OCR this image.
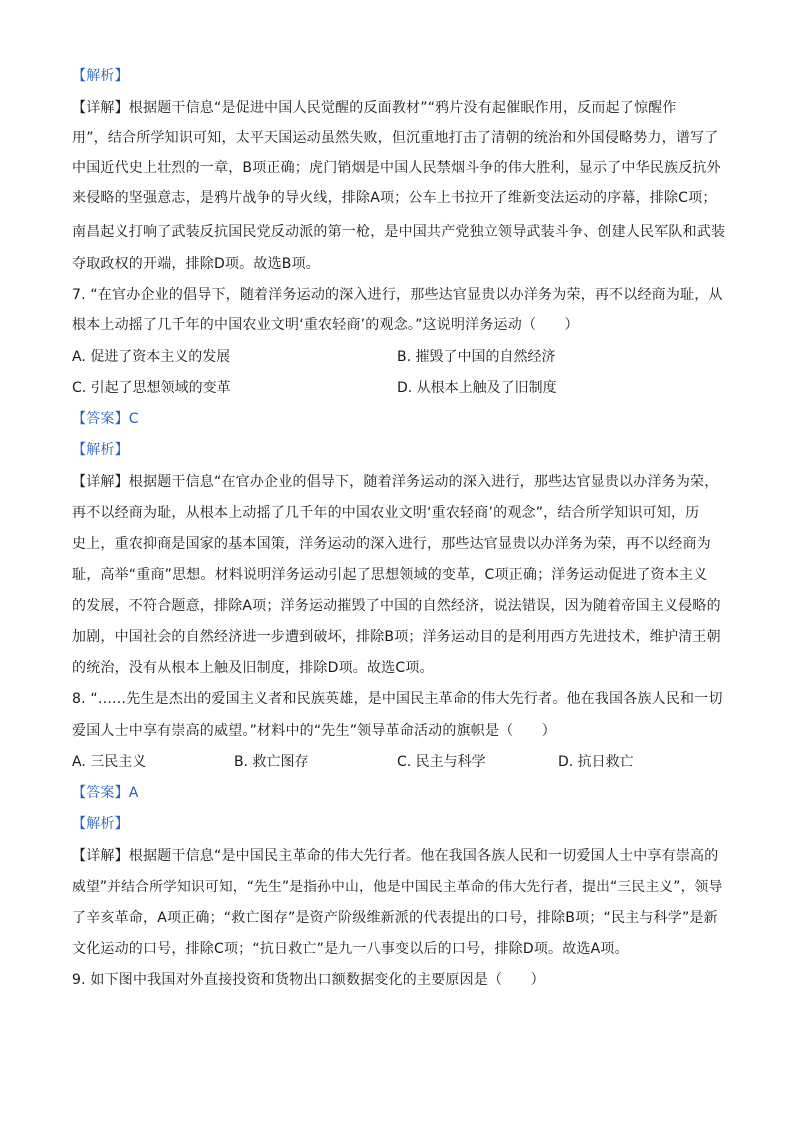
【解析】
【详解】根据题干信息“是促进中国人民觉醒的反面教材”“鸦片没有起催眠作用，反而起了惊醒作
用”，结合所学知识可知，太平天国运动虽然失败，但沉重地打击了清朝的统治和外国侵略势力，谱写了
中国近代史上壮烈的一章，B项正确；虎门销烟是中国人民禁烟斗争的伟大胜利，显示了中华民族反抗外
来侵略的坚强意志，是鸦片战争的导火线，排除A项；公车上书拉开了维新变法运动的序幕，排除C项；
南昌起义打响了武装反抗国民党反动派的第一枪，是中国共产党独立领导武装斗争、创建人民军队和武装
夺取政权的开端，排除D项。故选B项。
7. “在官办企业的倡导下，随着洋务运动的深入进行，那些达官显贵以办洋务为荣，再不以经商为耻，从
根本上动摇了几千年的中国农业文明‘重农轻商’的观念。”这说明洋务运动（　　）
A. 促进了资本主义的发展	B. 摧毁了中国的自然经济
C. 引起了思想领域的变革	D. 从根本上触及了旧制度
【答案】C
【解析】
【详解】根据题干信息“在官办企业的倡导下，随着洋务运动的深入进行，那些达官显贵以办洋务为荣，
再不以经商为耻，从根本上动摇了几千年的中国农业文明‘重农轻商’的观念”，结合所学知识可知，历
史上，重农抑商是国家的基本国策，洋务运动的深入进行，那些达官显贵以办洋务为荣，再不以经商为
耻，高举“重商”思想。材料说明洋务运动引起了思想领域的变革，C项正确；洋务运动促进了资本主义
的发展，不符合题意，排除A项；洋务运动摧毁了中国的自然经济，说法错误，因为随着帝国主义侵略的
加剧，中国社会的自然经济进一步遭到破坏，排除B项；洋务运动目的是利用西方先进技术，维护清王朝
的统治，没有从根本上触及旧制度，排除D项。故选C项。
8. “……先生是杰出的爱国主义者和民族英雄，是中国民主革命的伟大先行者。他在我国各族人民和一切
爱国人士中享有崇高的威望。”材料中的“先生”领导革命活动的旗帜是（　　）
A. 三民主义	B. 救亡图存	C. 民主与科学	D. 抗日救亡
【答案】A
【解析】
【详解】根据题干信息“是中国民主革命的伟大先行者。他在我国各族人民和一切爱国人士中享有崇高的
威望”并结合所学知识可知，“先生”是指孙中山，他是中国民主革命的伟大先行者，提出“三民主义”，领导
了辛亥革命，A项正确；“救亡图存”是资产阶级维新派的代表提出的口号，排除B项；“民主与科学”是新
文化运动的口号，排除C项；“抗日救亡”是九一八事变以后的口号，排除D项。故选A项。
9. 如下图中我国对外直接投资和货物出口额数据变化的主要原因是（　　）
